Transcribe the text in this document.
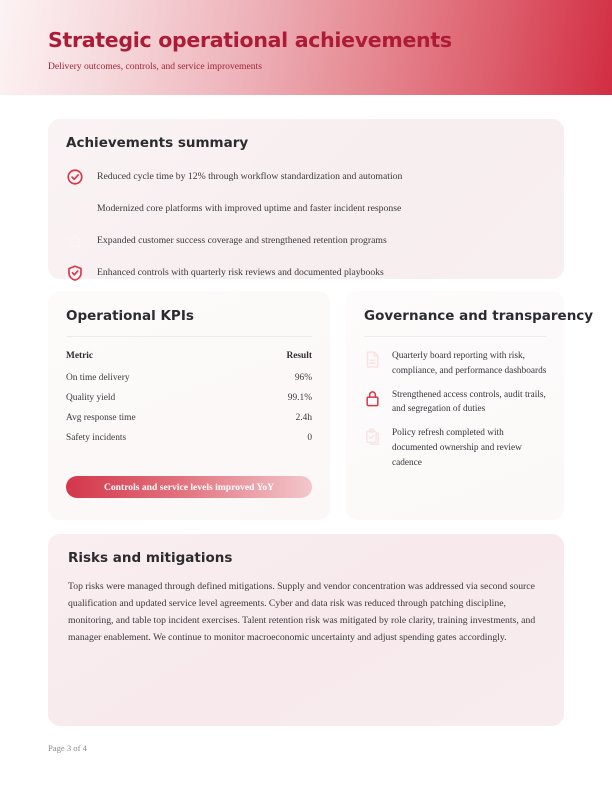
Strategic operational achievements
Delivery outcomes, controls, and service improvements
Achievements summary
Reduced cycle time by 12% through workflow standardization and automation
Modernized core platforms with improved uptime and faster incident response
Expanded customer success coverage and strengthened retention programs
Enhanced controls with quarterly risk reviews and documented playbooks
Operational KPIs
Metric	Result
On time delivery	96%
Quality yield	99.1%
Avg response time	2.4h
Safety incidents	0
Controls and service levels improved YoY
Governance and transparency
Quarterly board reporting with risk, compliance, and performance dashboards
Strengthened access controls, audit trails, and segregation of duties
Policy refresh completed with documented ownership and review cadence
Risks and mitigations
Top risks were managed through defined mitigations. Supply and vendor concentration was addressed via second source qualification and updated service level agreements. Cyber and data risk was reduced through patching discipline, monitoring, and table top incident exercises. Talent retention risk was mitigated by role clarity, training investments, and manager enablement. We continue to monitor macroeconomic uncertainty and adjust spending gates accordingly.
Page 3 of 4
